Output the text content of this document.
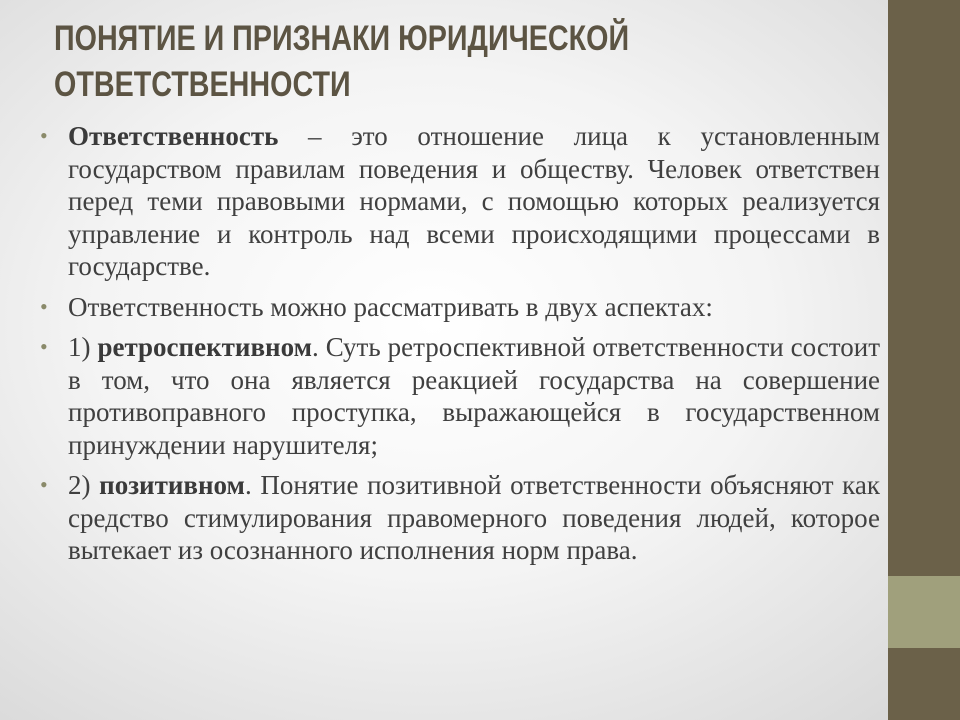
ПОНЯТИЕ И ПРИЗНАКИ ЮРИДИЧЕСКОЙ
ОТВЕТСТВЕННОСТИ
• Ответственность – это отношение лица к установленным государством правилам поведения и обществу. Человек ответствен перед теми правовыми нормами, с помощью которых реализуется управление и контроль над всеми происходящими процессами в государстве.
• Ответственность можно рассматривать в двух аспектах:
• 1) ретроспективном. Суть ретроспективной ответственности состоит в том, что она является реакцией государства на совершение противоправного проступка, выражающейся в государственном принуждении нарушителя;
• 2) позитивном. Понятие позитивной ответственности объясняют как средство стимулирования правомерного поведения людей, которое вытекает из осознанного исполнения норм права.
